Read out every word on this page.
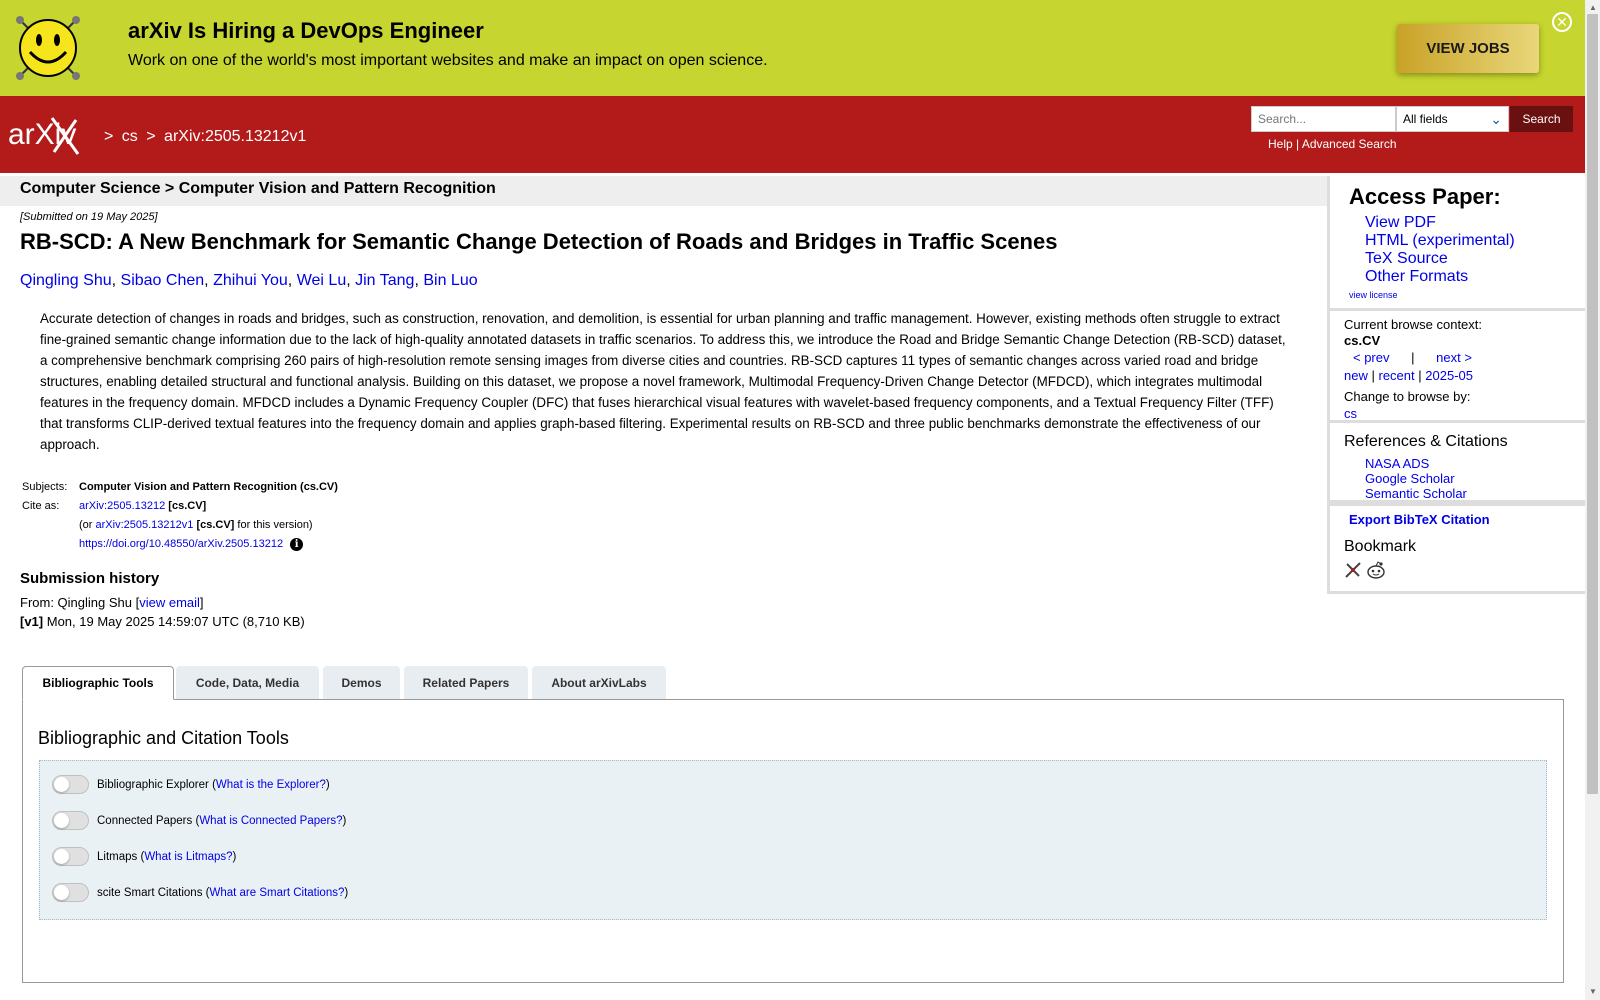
arXiv Is Hiring a DevOps Engineer
Work on one of the world's most important websites and make an impact on open science.
VIEW JOBS
✕
arXiv > cs > arXiv:2505.13212v1
Search...	All fields	⌄	Search
Help | Advanced Search
Computer Science > Computer Vision and Pattern Recognition
[Submitted on 19 May 2025]
RB-SCD: A New Benchmark for Semantic Change Detection of Roads and Bridges in Traffic Scenes
Qingling Shu, Sibao Chen, Zhihui You, Wei Lu, Jin Tang, Bin Luo

Accurate detection of changes in roads and bridges, such as construction, renovation, and demolition, is essential for urban planning and traffic management. However, existing methods often struggle to extract fine-grained semantic change information due to the lack of high-quality annotated datasets in traffic scenarios. To address this, we introduce the Road and Bridge Semantic Change Detection (RB-SCD) dataset, a comprehensive benchmark comprising 260 pairs of high-resolution remote sensing images from diverse cities and countries. RB-SCD captures 11 types of semantic changes across varied road and bridge structures, enabling detailed structural and functional analysis. Building on this dataset, we propose a novel framework, Multimodal Frequency-Driven Change Detector (MFDCD), which integrates multimodal features in the frequency domain. MFDCD includes a Dynamic Frequency Coupler (DFC) that fuses hierarchical visual features with wavelet-based frequency components, and a Textual Frequency Filter (TFF) that transforms CLIP-derived textual features into the frequency domain and applies graph-based filtering. Experimental results on RB-SCD and three public benchmarks demonstrate the effectiveness of our approach.

Subjects:	Computer Vision and Pattern Recognition (cs.CV)
Cite as:	arXiv:2505.13212 [cs.CV]
	(or arXiv:2505.13212v1 [cs.CV] for this version)
	https://doi.org/10.48550/arXiv.2505.13212 i
Submission history
From: Qingling Shu [view email]
[v1] Mon, 19 May 2025 14:59:07 UTC (8,710 KB)
Access Paper:
View PDF
HTML (experimental)
TeX Source
Other Formats
view license
Current browse context:
cs.CV
< prev | next >
new | recent | 2025-05
Change to browse by:
cs
References & Citations
NASA ADS
Google Scholar
Semantic Scholar
Export BibTeX Citation
Bookmark

Bibliographic Tools	Code, Data, Media	Demos	Related Papers	About arXivLabs
Bibliographic and Citation Tools
Bibliographic Explorer
( What is the Explorer? )
Connected Papers
( What is Connected Papers? )
Litmaps
( What is Litmaps? )
scite Smart Citations
( What are Smart Citations? )
▲
▼
